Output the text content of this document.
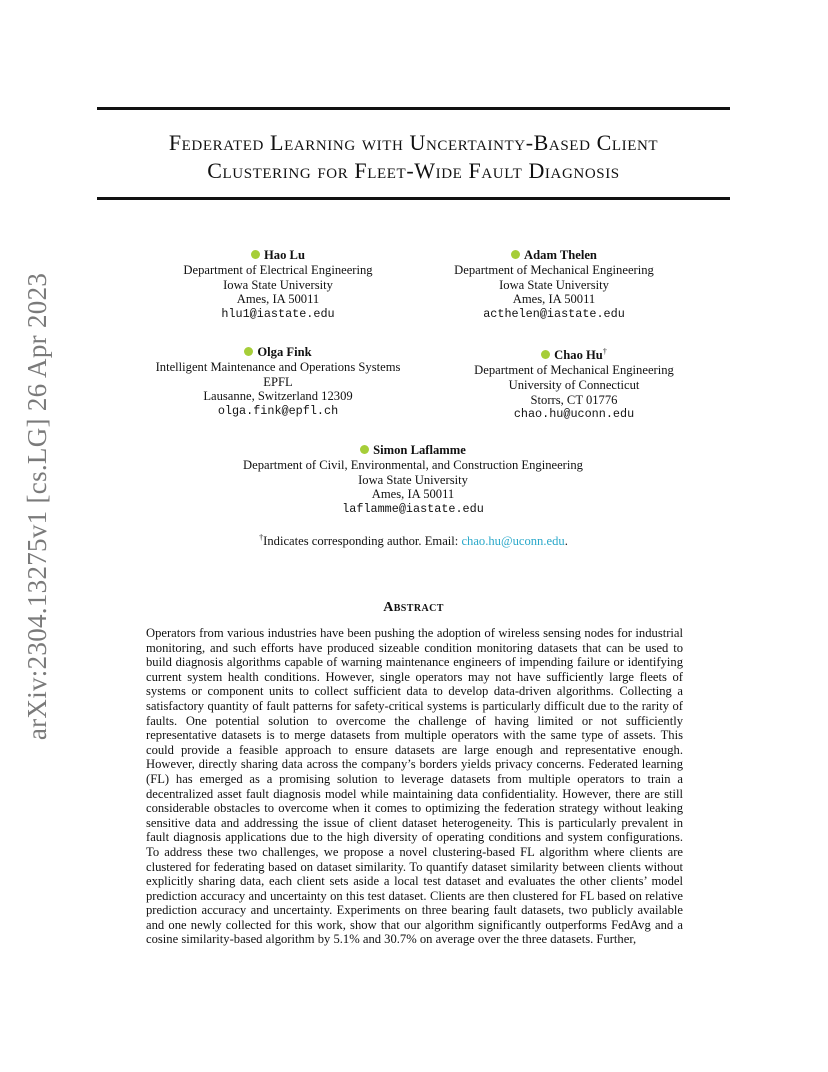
arXiv:2304.13275v1 [cs.LG] 26 Apr 2023
Federated Learning with Uncertainty-Based Client
Clustering for Fleet-Wide Fault Diagnosis
Hao Lu
Department of Electrical Engineering
Iowa State University
Ames, IA 50011
hlu1@iastate.edu
Adam Thelen
Department of Mechanical Engineering
Iowa State University
Ames, IA 50011
acthelen@iastate.edu
Olga Fink
Intelligent Maintenance and Operations Systems
EPFL
Lausanne, Switzerland 12309
olga.fink@epfl.ch
Chao Hu†
Department of Mechanical Engineering
University of Connecticut
Storrs, CT 01776
chao.hu@uconn.edu
Simon Laflamme
Department of Civil, Environmental, and Construction Engineering
Iowa State University
Ames, IA 50011
laflamme@iastate.edu
†Indicates corresponding author. Email: chao.hu@uconn.edu.
Abstract
Operators from various industries have been pushing the adoption of wireless sensing nodes for industrial monitoring, and such efforts have produced sizeable condition monitoring datasets that can be used to build diagnosis algorithms capable of warning maintenance engineers of impending failure or identifying current system health conditions. However, single operators may not have sufficiently large fleets of systems or component units to collect sufficient data to develop data-driven algorithms. Collecting a satisfactory quantity of fault patterns for safety-critical systems is particularly difficult due to the rarity of faults. One potential solution to overcome the challenge of having limited or not sufficiently representative datasets is to merge datasets from multiple operators with the same type of assets. This could provide a feasible approach to ensure datasets are large enough and representative enough. However, directly sharing data across the company’s borders yields privacy concerns. Federated learning (FL) has emerged as a promising solution to leverage datasets from multiple operators to train a decentralized asset fault diagnosis model while maintaining data confidentiality. However, there are still considerable obstacles to overcome when it comes to optimizing the federation strategy without leaking sensitive data and addressing the issue of client dataset heterogeneity. This is particularly prevalent in fault diagnosis applications due to the high diversity of operating conditions and system configurations. To address these two challenges, we propose a novel clustering-based FL algorithm where clients are clustered for federating based on dataset similarity. To quantify dataset similarity between clients without explicitly sharing data, each client sets aside a local test dataset and evaluates the other clients’ model prediction accuracy and uncertainty on this test dataset. Clients are then clustered for FL based on relative prediction accuracy and uncertainty. Experiments on three bearing fault datasets, two publicly available and one newly collected for this work, show that our algorithm significantly outperforms FedAvg and a cosine similarity-based algorithm by 5.1% and 30.7% on average over the three datasets. Further,
